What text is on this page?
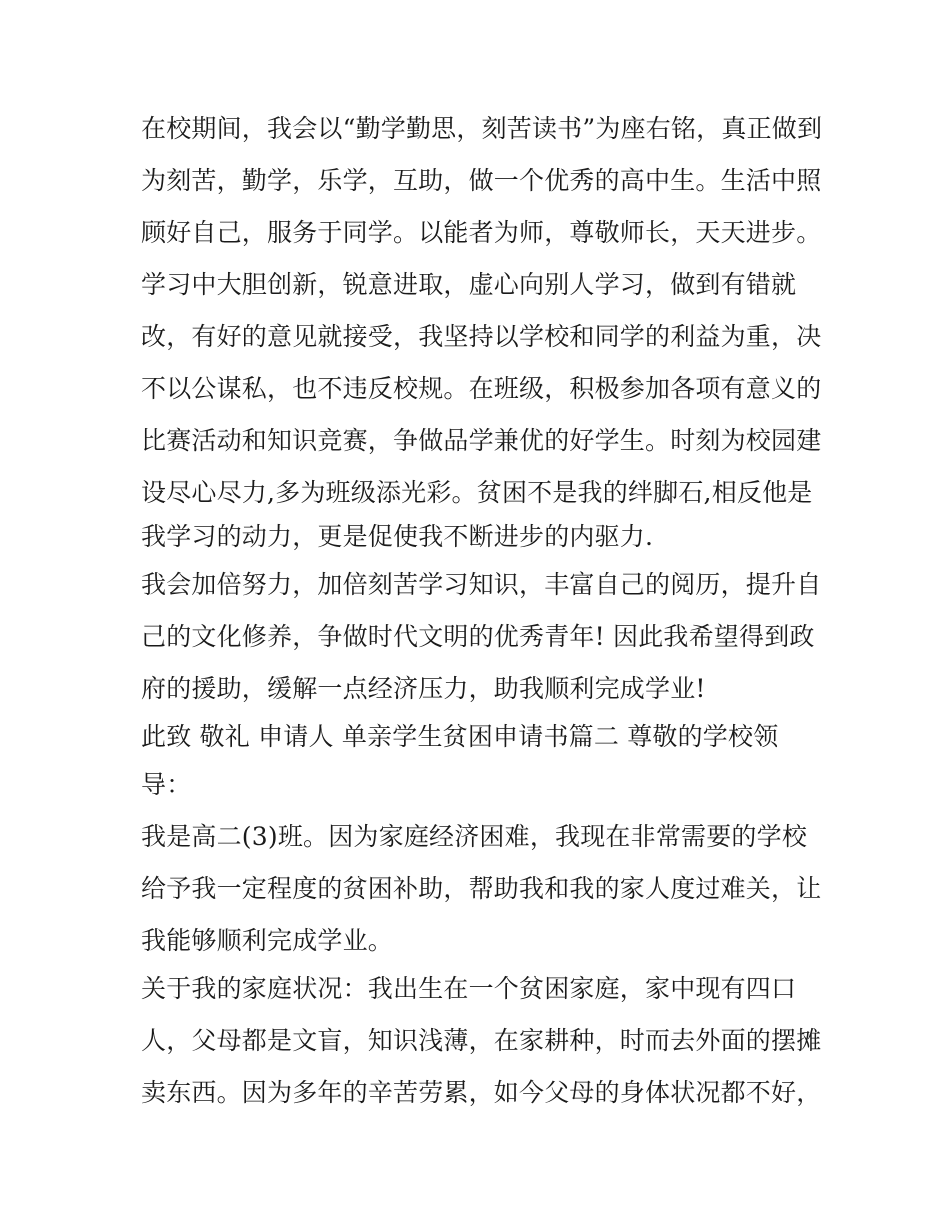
在校期间，我会以“勤学勤思，刻苦读书”为座右铭，真正做到
为刻苦，勤学，乐学，互助，做一个优秀的高中生。生活中照
顾好自己，服务于同学。以能者为师，尊敬师长，天天进步。
学习中大胆创新，锐意进取，虚心向别人学习，做到有错就
改，有好的意见就接受，我坚持以学校和同学的利益为重，决
不以公谋私，也不违反校规。在班级，积极参加各项有意义的
比赛活动和知识竞赛，争做品学兼优的好学生。时刻为校园建
设尽心尽力,多为班级添光彩。贫困不是我的绊脚石,相反他是
我学习的动力，更是促使我不断进步的内驱力.
我会加倍努力，加倍刻苦学习知识，丰富自己的阅历，提升自
己的文化修养，争做时代文明的优秀青年! 因此我希望得到政
府的援助，缓解一点经济压力，助我顺利完成学业!
此致 敬礼 申请人 单亲学生贫困申请书篇二 尊敬的学校领
导：
我是高二(3)班。因为家庭经济困难，我现在非常需要的学校
给予我一定程度的贫困补助，帮助我和我的家人度过难关，让
我能够顺利完成学业。
关于我的家庭状况：我出生在一个贫困家庭，家中现有四口
人，父母都是文盲，知识浅薄，在家耕种，时而去外面的摆摊
卖东西。因为多年的辛苦劳累，如今父母的身体状况都不好，
